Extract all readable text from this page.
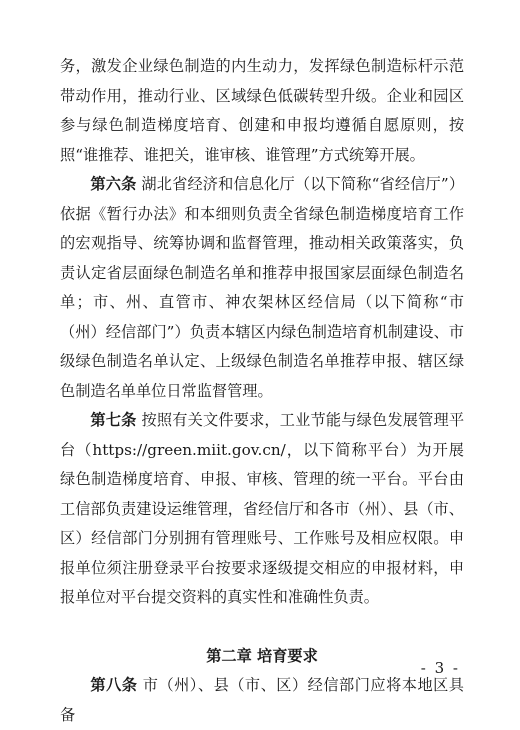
务，激发企业绿色制造的内生动力，发挥绿色制造标杆示范带动作用，推动行业、区域绿色低碳转型升级。企业和园区参与绿色制造梯度培育、创建和申报均遵循自愿原则，按照“谁推荐、谁把关，谁审核、谁管理”方式统筹开展。

第六条 湖北省经济和信息化厅（以下简称“省经信厅”）依据《暂行办法》和本细则负责全省绿色制造梯度培育工作的宏观指导、统筹协调和监督管理，推动相关政策落实，负责认定省层面绿色制造名单和推荐申报国家层面绿色制造名单；市、州、直管市、神农架林区经信局（以下简称“市（州）经信部门”）负责本辖区内绿色制造培育机制建设、市级绿色制造名单认定、上级绿色制造名单推荐申报、辖区绿色制造名单单位日常监督管理。

第七条 按照有关文件要求，工业节能与绿色发展管理平台（https://green.miit.gov.cn/，以下简称平台）为开展绿色制造梯度培育、申报、审核、管理的统一平台。平台由工信部负责建设运维管理，省经信厅和各市（州）、县（市、区）经信部门分别拥有管理账号、工作账号及相应权限。申报单位须注册登录平台按要求逐级提交相应的申报材料，申报单位对平台提交资料的真实性和准确性负责。

第二章 培育要求

第八条 市（州）、县（市、区）经信部门应将本地区具备

- 3 -
